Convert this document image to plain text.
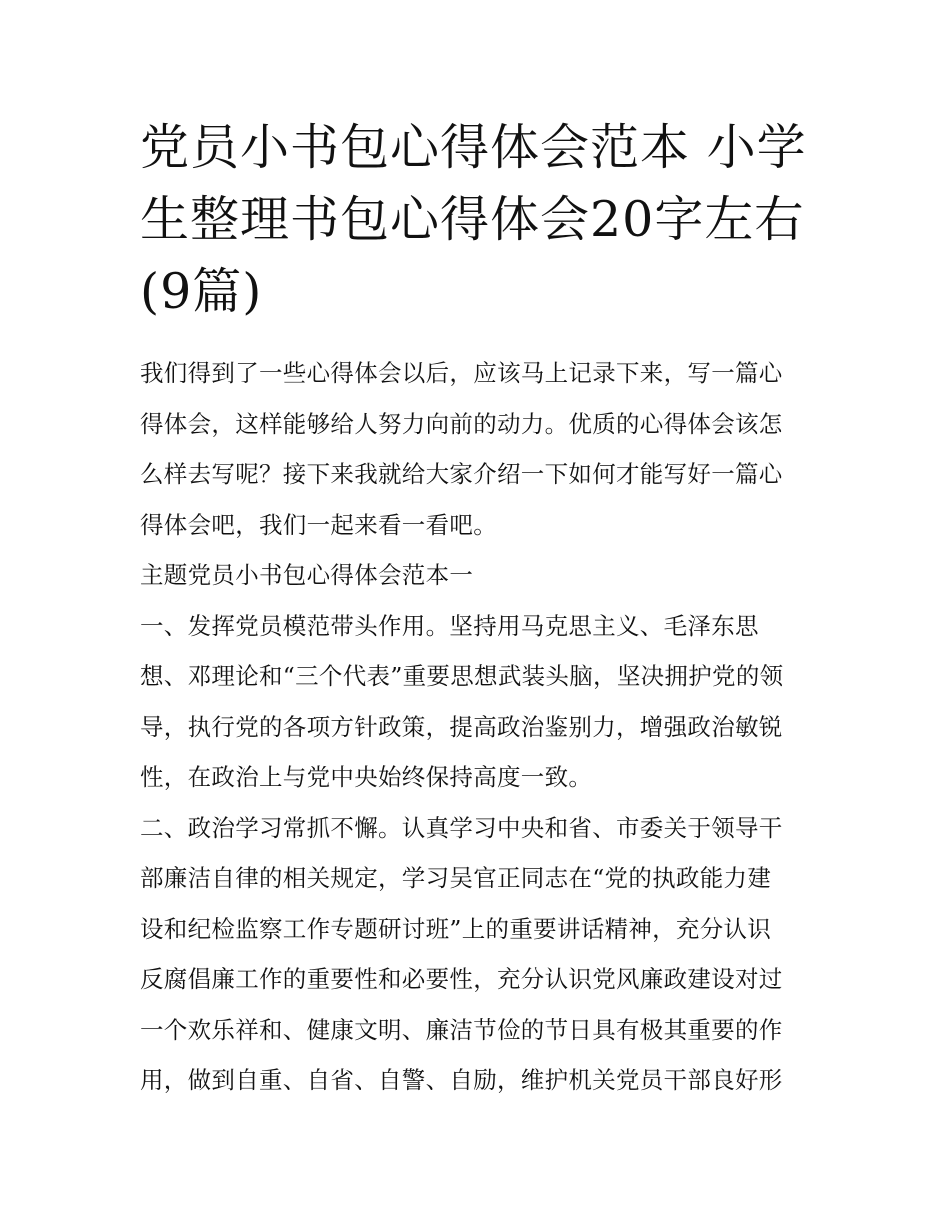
党员小书包心得体会范本 小学
生整理书包心得体会20字左右
(9篇)
我们得到了一些心得体会以后，应该马上记录下来，写一篇心
得体会，这样能够给人努力向前的动力。优质的心得体会该怎
么样去写呢？接下来我就给大家介绍一下如何才能写好一篇心
得体会吧，我们一起来看一看吧。
主题党员小书包心得体会范本一
一、发挥党员模范带头作用。坚持用马克思主义、毛泽东思
想、邓理论和“三个代表”重要思想武装头脑，坚决拥护党的领
导，执行党的各项方针政策，提高政治鉴别力，增强政治敏锐
性，在政治上与党中央始终保持高度一致。
二、政治学习常抓不懈。认真学习中央和省、市委关于领导干
部廉洁自律的相关规定，学习吴官正同志在“党的执政能力建
设和纪检监察工作专题研讨班”上的重要讲话精神，充分认识
反腐倡廉工作的重要性和必要性，充分认识党风廉政建设对过
一个欢乐祥和、健康文明、廉洁节俭的节日具有极其重要的作
用，做到自重、自省、自警、自励，维护机关党员干部良好形
